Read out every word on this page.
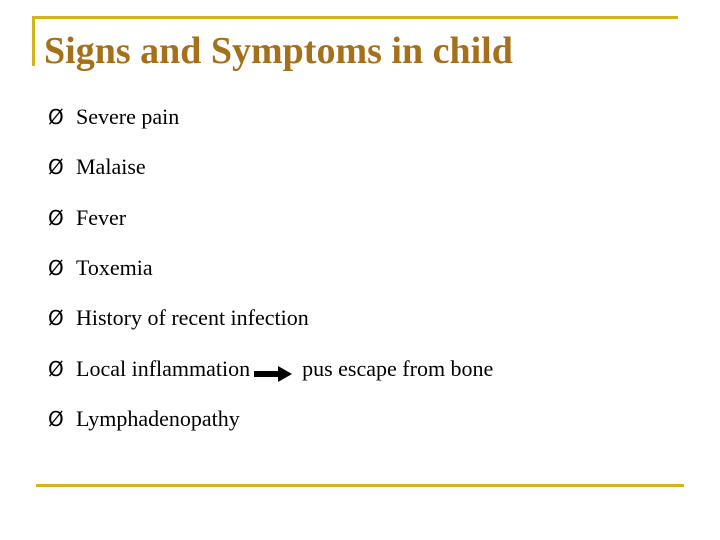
Signs and Symptoms in child
Ø Severe pain
Ø Malaise
Ø Fever
Ø Toxemia
Ø History of recent infection
Ø Local inflammation pus escape from bone
Ø Lymphadenopathy
